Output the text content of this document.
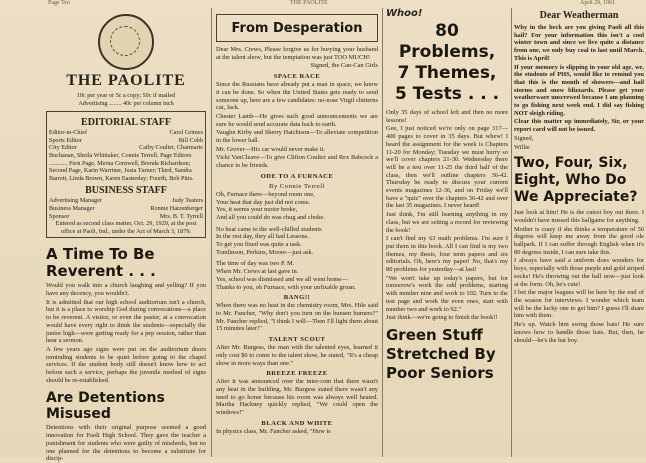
Page Ten	THE PAOLITE	April 29, 1961
THE PAOLITE
10c per year or 5c a copy; 50c if mailed
Advertising ........ 40c per column inch
EDITORIAL STAFF
Editor-in-Chief	Carol Grimes
Sports Editor	Bill Cobb
City Editor	Cathy Coulter, Charmarie
Buchanan, Sheila Whittaker, Connie Terrell. Page Editors ............ Fern Page, Merna Cornwell, Brenda Richardson; Second Page, Karin Warriner, Justa Turner; Third, Sandra Barrett, Linda Brown, Karen Easterday; Fourth, Bob Pitts.
BUSINESS STAFF
Advertising Manager	Judy Teaters
Business Manager	Ronnie Hatzenberger
Sponsor	Mrs. B. T. Tyrrell
Entered as second class matter, Oct. 29, 1929, at the post office at Paoli, Ind., under the Act of March 3, 1879.
A Time To Be Reverent . . .
Would you walk into a church laughing and yelling? If you have any decency, you wouldn't.
It is admitted that our high school auditorium isn't a church, but it is a place to worship God during convocations—a place to be reverent. A visitor, or even the pastor, at a convocation would have every right to think the students—especially the junior high—were getting ready for a pep session, rather than hear a sermon.
A few years ago signs were put on the auditorium doors reminding students to be quiet before going to the chapel services. If the student body still doesn't know how to act before such a service, perhaps the juvenile method of signs should be re-established.
Are Detentions Misused
Detentions with their original purpose seemed a good innovation for Paoli High School. They gave the teacher a punishment for students who were guilty of misdeeds, but no one planned for the detentions to become a substitute for discip-
From Desperation
Dear Mrs. Crews, Please forgive us for burying your husband at the talent show, but the temptation was just TOO MUCH!
Signed, the Can-Can Girls
SPACE RACE
Since the Russians have already put a man in space, we know it can be done. So when the United States gets ready to send someone up, here are a few candidates: no-nose Virgil chitterns cat, Jack.
Chester Lamb—He gives such good announcements we are sure he would send accurate data back to earth.
Vaughn Kirby and Sherry Hatchison—To alleviate competition in the lower hall.
Mr. Grover—His car would never make it.
Vicki VanCleave—To give Clifton Coulter and Rex Babcock a chance to be friends.
ODE TO A FURNACE
By Connie Terrell
Oh, Furnace there—beyond room one,
Your heat that day just did not come.
Yes, it seems your motor broke,
And all you could do was chug and choke.
No heat came to the well-chilled students
In the rest day, they all had Lessons.
To get you fixed was quite a task.
Tomlinson, Perkins, Moore—just ask.
The time of day was two P. M.
When Mr. Crews at last gave in.
Yes, school was dismissed and we all went home—
Thanks to you, oh Furnace, with your unfixable groan.
BANG!!
When there was no heat in the chemistry room, Mrs. Hile said to Mr. Fancher, "Why don't you turn on the bunsen burners?" Mr. Fancher replied, "I think I will—Then I'll light them about 15 minutes later!"
TALENT SCOUT
After Mr. Burgess, the man with the talented eyes, learned it only cost $6 to come to the talent show, he stated, "It's a cheap show in more ways than one."
BREEZE FREEZE
After it was announced over the inter-com that there wasn't any heat in the building, Mr. Burgess stated there wasn't any need to go home because his room was always well heated. Martha Hackney quickly replied, "We could open the windows!"
BLACK AND WHITE
In physics class, Mr. Fancher asked, "How is
Whoo!
80 Problems,
7 Themes,
5 Tests . . .
Only 35 days of school left and then no more lessons!
Gee, I just noticed we're only on page 317—400 pages to cover in 35 days. But whew! I heard the assignment for the week is Chapters 11-20 for Monday; Tuesday we must hurry so we'll cover chapters 21-30. Wednesday there will be a test over 11-25 the third half of the class, then we'll outline chapters 36-42. Thursday be ready to discuss your current events magazines 12-36, and on Friday we'll have a "quiz" over the chapters 36-42 and over the last 35 magazines. I never heard!
Just think, I'm still learning anything in my class, but we are setting a record for reviewing the book!
I can't find my 63 math problems. I'm sure I put them in this book. All I can find is my two themes, my thesis, four term papers and six editorials. Oh, here's my paper! No, that's my 80 problems for yesterday—at last!
"We won't take up today's papers, but for tomorrow's work the odd problems, starting with number nine and work to 102. Turn to the test page and work the even ones, start with number two and work to 92."
Just think—we're going to finish the book!!
Green Stuff
Stretched By
Poor Seniors
Dear Weatherman
Why in the heck are you giving Paoli all this hail? For your information this isn't a cool winter town and since we live quite a distance from one, we only buy coal to last until March. This is April!
If your memory is slipping in your old age, we, the students of PHS, would like to remind you that this is the month of showers—and hail storms and snow blizzards. Please get your weatherware unscrewed because I am planning to go fishing next week end. I did say fishing NOT sleigh riding.
Clear this matter up immediately, Sir, or your report card will not be issued.
Signed,
Willie
Two, Four, Six,
Eight, Who Do
We Appreciate?
Just look at him! He is the cutest boy out there. I wouldn't have missed this ballgame for anything.
Mother is crazy if she thinks a temperature of 50 degrees will keep me away from the good ole ballpark. If I can suffer through English when it's 80 degrees inside, I can sure take this.
I always have said a uniform does wonders for boys, especially with those purple and gold striped socks! He's throwing out the ball now—just look at the form. Oh, he's cute!
I bet the major leagues will be here by the end of the season for interviews. I wonder which team will be the lucky one to get him? I guess I'll share him with them.
He's up. Watch him swing those bats! He sure knows how to handle those bats. But, then, he should—he's the bat boy.
